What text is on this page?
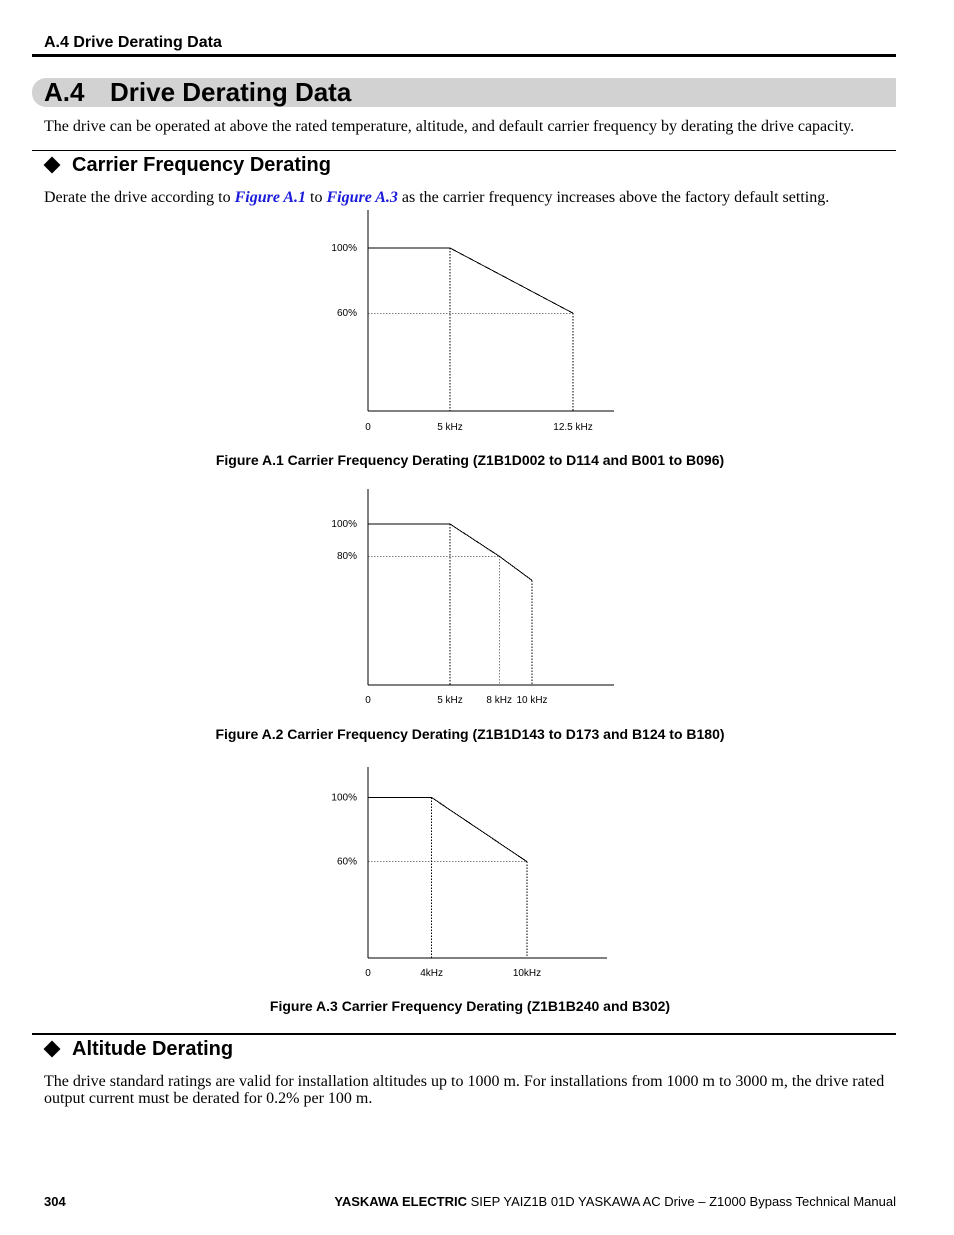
A.4 Drive Derating Data
A.4 Drive Derating Data
The drive can be operated at above the rated temperature, altitude, and default carrier frequency by derating the drive capacity.
Carrier Frequency Derating
Derate the drive according to Figure A.1 to Figure A.3 as the carrier frequency increases above the factory default setting.
0	5 kHz	12.5 kHz
100%
60%
Figure A.1 Carrier Frequency Derating (Z1B1D002 to D114 and B001 to B096)
0	5 kHz 8 kHz 10 kHz
100%
80%
Figure A.2 Carrier Frequency Derating (Z1B1D143 to D173 and B124 to B180)
0	4kHz	10kHz
100%
60%
Figure A.3 Carrier Frequency Derating (Z1B1B240 and B302)
Altitude Derating
The drive standard ratings are valid for installation altitudes up to 1000 m. For installations from 1000 m to 3000 m, the drive rated output current must be derated for 0.2% per 100 m.
304	YASKAWA ELECTRIC SIEP YAIZ1B 01D YASKAWA AC Drive – Z1000 Bypass Technical Manual
